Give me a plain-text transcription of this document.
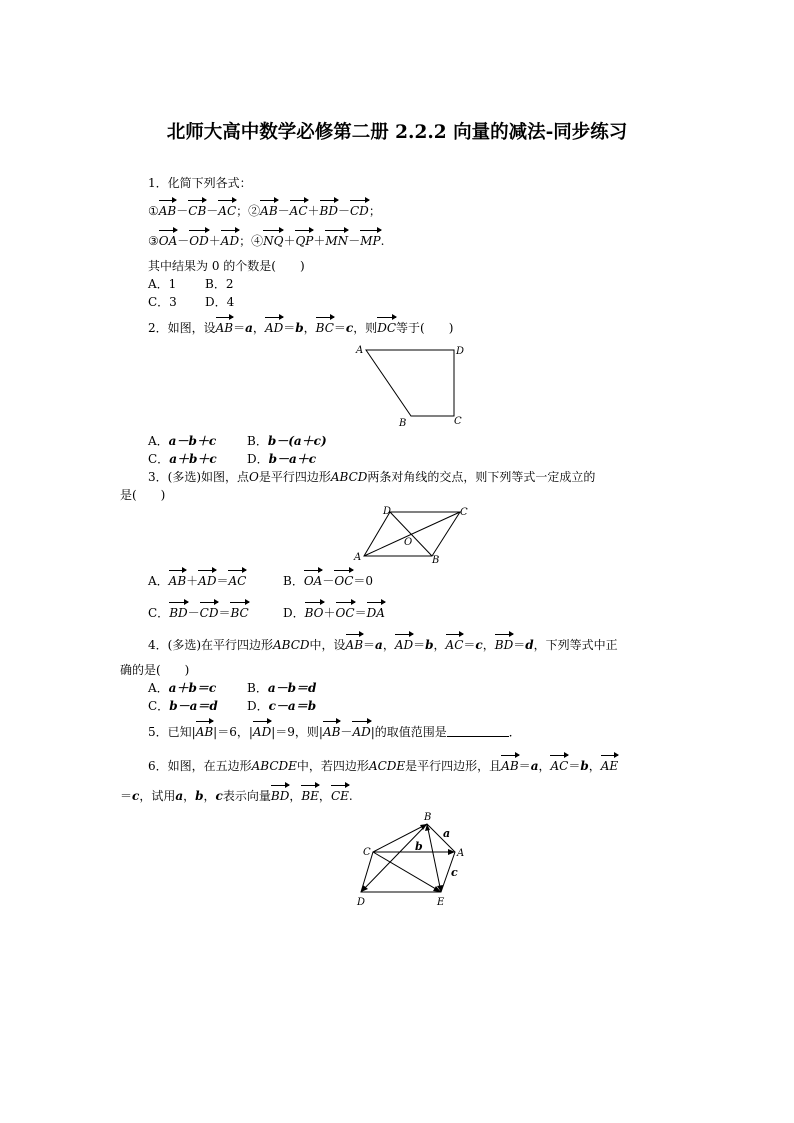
北师大高中数学必修第二册 2.2.2 向量的减法-同步练习
1．化简下列各式：
①AB－CB－AC；②AB－AC＋BD－CD；
③OA－OD＋AD；④NQ＋QP＋MN－MP.
其中结果为 0 的个数是(　　)
A．1 B．2
C．3 D．4
2．如图，设AB＝a，AD＝b，BC＝c，则DC等于(　　)
A	D
B	C
A．a－b＋c	B．b－(a＋c)
C．a＋b＋c	D．b－a＋c
3．(多选)如图，点O是平行四边形ABCD两条对角线的交点，则下列等式一定成立的
是(　　)
A	B
C
D
O
A．AB＋AD＝AC	B．OA－OC＝0
C．BD－CD＝BC	D．BO＋OC＝DA
4．(多选)在平行四边形ABCD中，设AB＝a，AD＝b，AC＝c，BD＝d，下列等式中正
确的是(　　)
A．a＋b＝c	B．a－b＝d
C．b－a＝d D．c－a＝b
5．已知|AB|＝6，|AD|＝9，则|AB－AD|的取值范围是	．
6．如图，在五边形ABCDE中，若四边形ACDE是平行四边形，且AB＝a，AC＝b，AE
＝c，试用a，b，c表示向量BD，BE，CE.
B
C	A
D	E
a
b
c
